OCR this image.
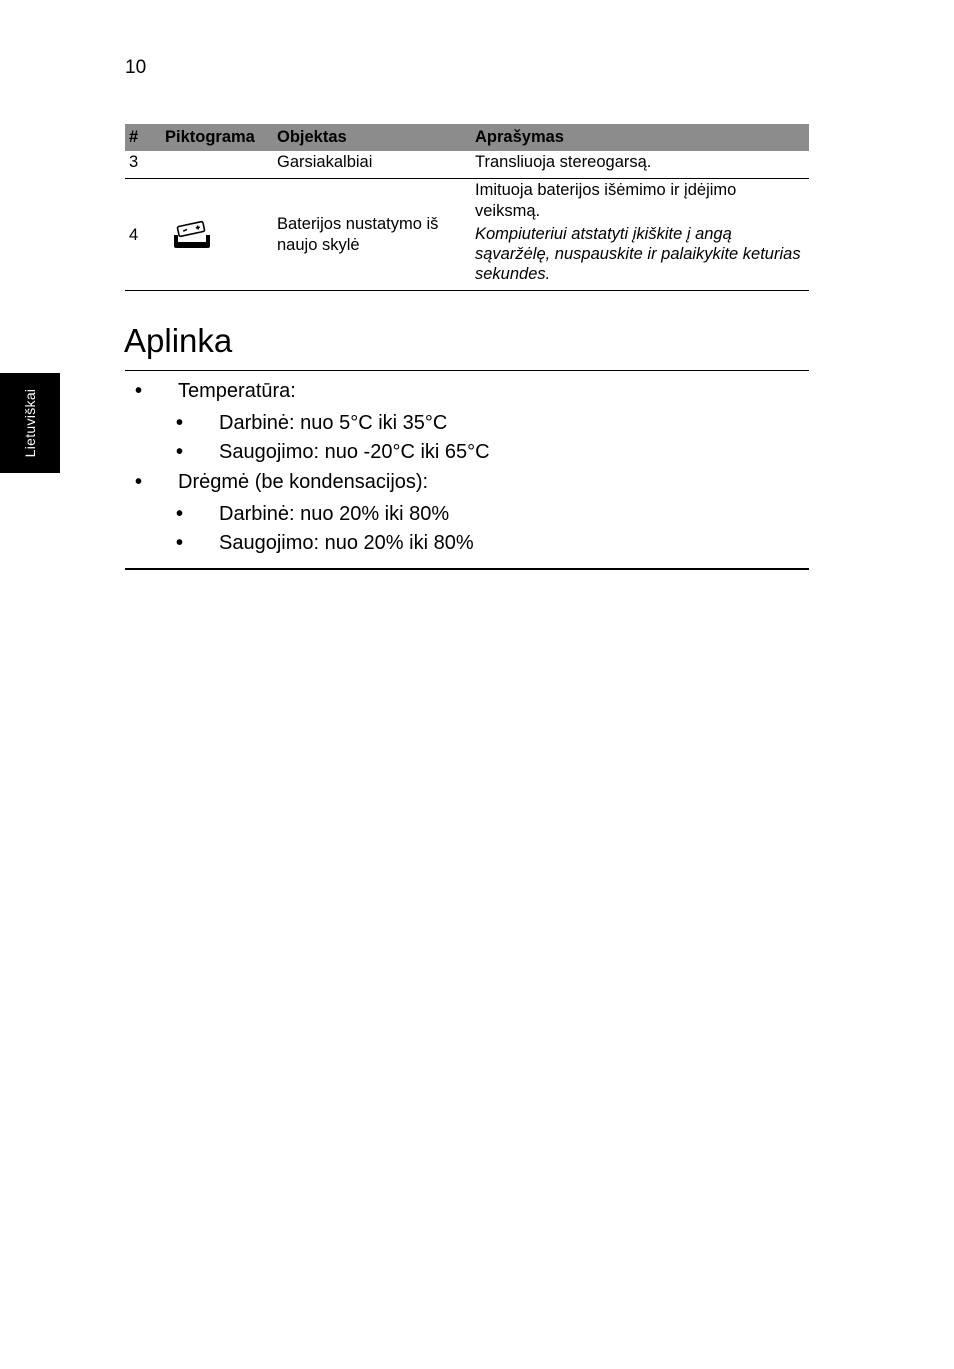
10
Lietuviškai
#	Piktograma	Objektas	Aprašymas
3		Garsiakalbiai	Transliuoja stereogarsą.
4		Baterijos nustatymo iš naujo skylė	Imituoja baterijos išėmimo ir įdėjimo veiksmą.
Kompiuteriui atstatyti įkiškite į angą sąvaržėlę, nuspauskite ir palaikykite keturias sekundes.
Aplinka
• Temperatūra:
• Darbinė: nuo 5°C iki 35°C
• Saugojimo: nuo -20°C iki 65°C
• Drėgmė (be kondensacijos):
• Darbinė: nuo 20% iki 80%
• Saugojimo: nuo 20% iki 80%
